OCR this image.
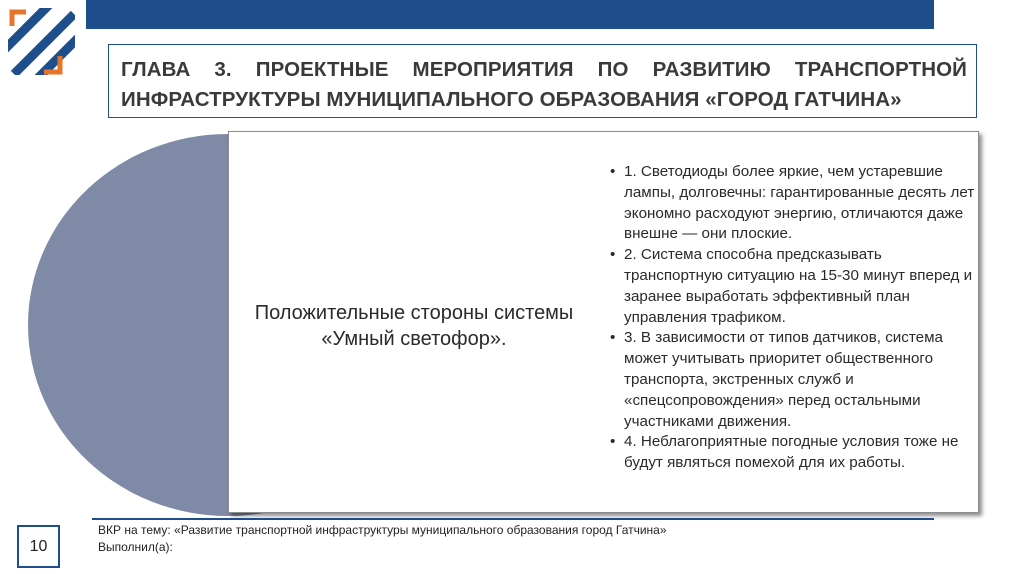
ГЛАВА 3. ПРОЕКТНЫЕ МЕРОПРИЯТИЯ ПО РАЗВИТИЮ ТРАНСПОРТНОЙ
ИНФРАСТРУКТУРЫ МУНИЦИПАЛЬНОГО ОБРАЗОВАНИЯ «ГОРОД ГАТЧИНА»
Положительные стороны системы
«Умный светофор».
• 1. Светодиоды более яркие, чем устаревшие лампы, долговечны: гарантированные десять лет экономно расходуют энергию, отличаются даже внешне — они плоские.
• 2. Система способна предсказывать транспортную ситуацию на 15-30 минут вперед и заранее выработать эффективный план управления трафиком.
• 3. В зависимости от типов датчиков, система может учитывать приоритет общественного транспорта, экстренных служб и «спецсопровождения» перед остальными участниками движения.
• 4. Неблагоприятные погодные условия тоже не будут являться помехой для их работы.
10
ВКР на тему: «Развитие транспортной инфраструктуры муниципального образования город Гатчина»
Выполнил(а):
